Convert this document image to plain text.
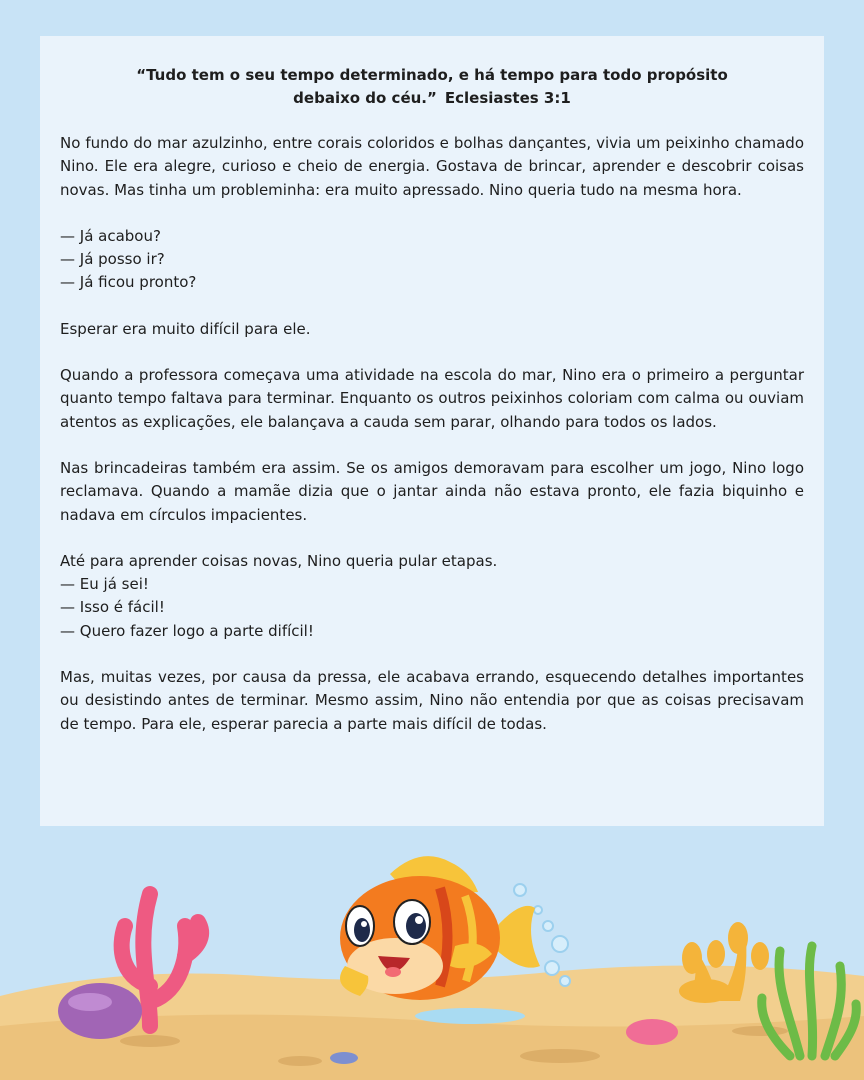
“Tudo tem o seu tempo determinado, e há tempo para todo propósito
debaixo do céu.” Eclesiastes 3:1

No fundo do mar azulzinho, entre corais coloridos e bolhas dançantes, vivia um peixinho chamado Nino. Ele era alegre, curioso e cheio de energia. Gostava de brincar, aprender e descobrir coisas novas. Mas tinha um probleminha: era muito apressado. Nino queria tudo na mesma hora.

— Já acabou?
— Já posso ir?
— Já ficou pronto?

Esperar era muito difícil para ele.

Quando a professora começava uma atividade na escola do mar, Nino era o primeiro a perguntar quanto tempo faltava para terminar. Enquanto os outros peixinhos coloriam com calma ou ouviam atentos as explicações, ele balançava a cauda sem parar, olhando para todos os lados.

Nas brincadeiras também era assim. Se os amigos demoravam para escolher um jogo, Nino logo reclamava. Quando a mamãe dizia que o jantar ainda não estava pronto, ele fazia biquinho e nadava em círculos impacientes.

Até para aprender coisas novas, Nino queria pular etapas.
— Eu já sei!
— Isso é fácil!
— Quero fazer logo a parte difícil!

Mas, muitas vezes, por causa da pressa, ele acabava errando, esquecendo detalhes importantes ou desistindo antes de terminar. Mesmo assim, Nino não entendia por que as coisas precisavam de tempo. Para ele, esperar parecia a parte mais difícil de todas.
